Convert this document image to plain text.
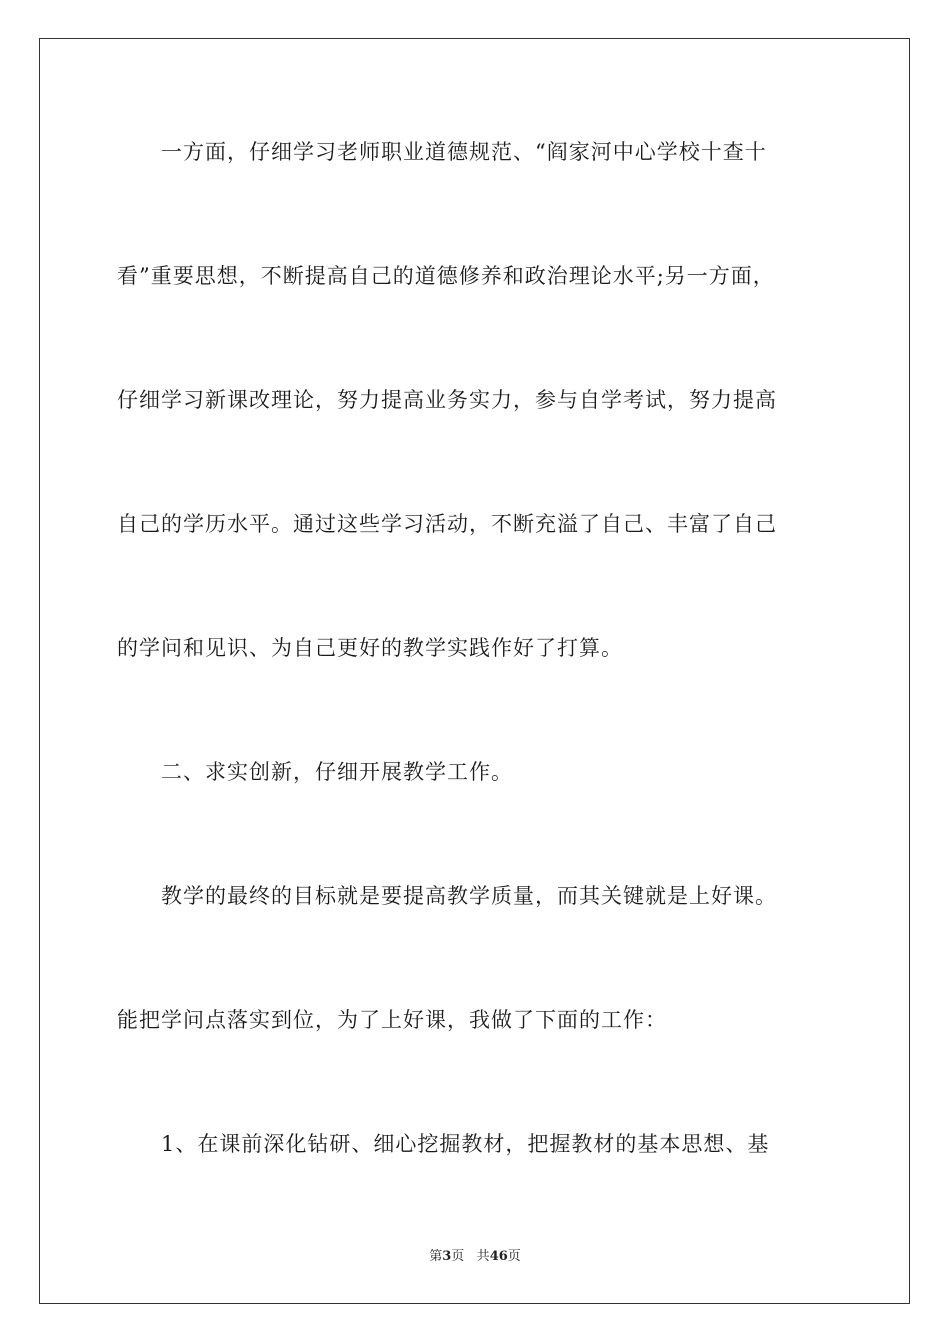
　　一方面，仔细学习老师职业道德规范、“阎家河中心学校十查十
看”重要思想，不断提高自己的道德修养和政治理论水平;另一方面，
仔细学习新课改理论，努力提高业务实力，参与自学考试，努力提高
自己的学历水平。通过这些学习活动，不断充溢了自己、丰富了自己
的学问和见识、为自己更好的教学实践作好了打算。
　　二、求实创新，仔细开展教学工作。
　　教学的最终的目标就是要提高教学质量，而其关键就是上好课。
能把学问点落实到位，为了上好课，我做了下面的工作：
　　1、在课前深化钻研、细心挖掘教材，把握教材的基本思想、基
第3页 共46页
